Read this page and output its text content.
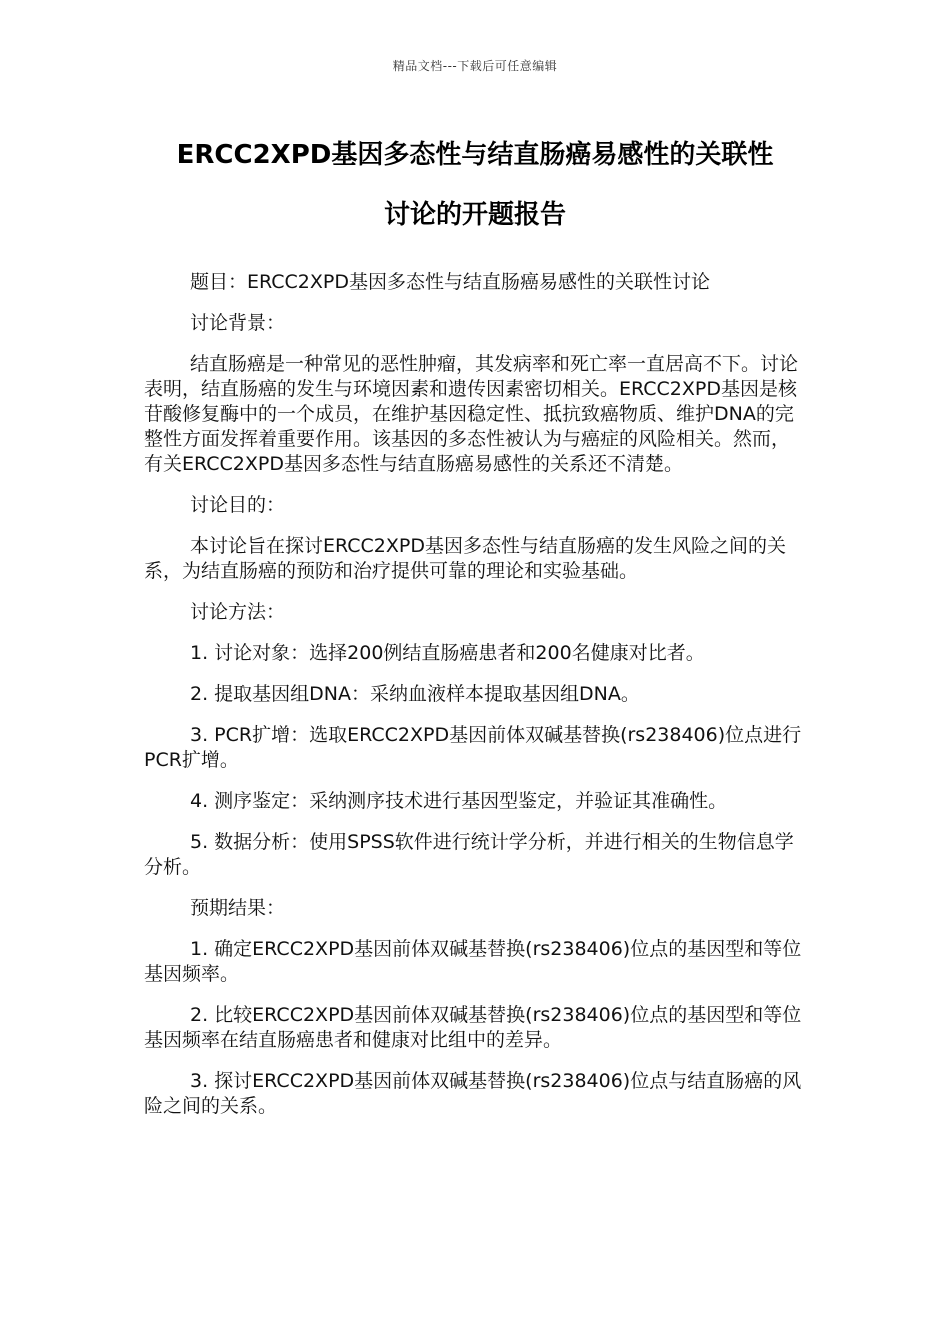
精品文档---下载后可任意编辑
ERCC2XPD基因多态性与结直肠癌易感性的关联性
讨论的开题报告

题目：ERCC2XPD基因多态性与结直肠癌易感性的关联性讨论

讨论背景：

结直肠癌是一种常见的恶性肿瘤，其发病率和死亡率一直居高不下。讨论表明，结直肠癌的发生与环境因素和遗传因素密切相关。ERCC2XPD基因是核苷酸修复酶中的一个成员，在维护基因稳定性、抵抗致癌物质、维护DNA的完整性方面发挥着重要作用。该基因的多态性被认为与癌症的风险相关。然而，有关ERCC2XPD基因多态性与结直肠癌易感性的关系还不清楚。

讨论目的：

本讨论旨在探讨ERCC2XPD基因多态性与结直肠癌的发生风险之间的关系，为结直肠癌的预防和治疗提供可靠的理论和实验基础。

讨论方法：

1. 讨论对象：选择200例结直肠癌患者和200名健康对比者。

2. 提取基因组DNA：采纳血液样本提取基因组DNA。

3. PCR扩增：选取ERCC2XPD基因前体双碱基替换(rs238406)位点进行PCR扩增。

4. 测序鉴定：采纳测序技术进行基因型鉴定，并验证其准确性。

5. 数据分析：使用SPSS软件进行统计学分析，并进行相关的生物信息学分析。

预期结果：

1. 确定ERCC2XPD基因前体双碱基替换(rs238406)位点的基因型和等位基因频率。

2. 比较ERCC2XPD基因前体双碱基替换(rs238406)位点的基因型和等位基因频率在结直肠癌患者和健康对比组中的差异。

3. 探讨ERCC2XPD基因前体双碱基替换(rs238406)位点与结直肠癌的风险之间的关系。
